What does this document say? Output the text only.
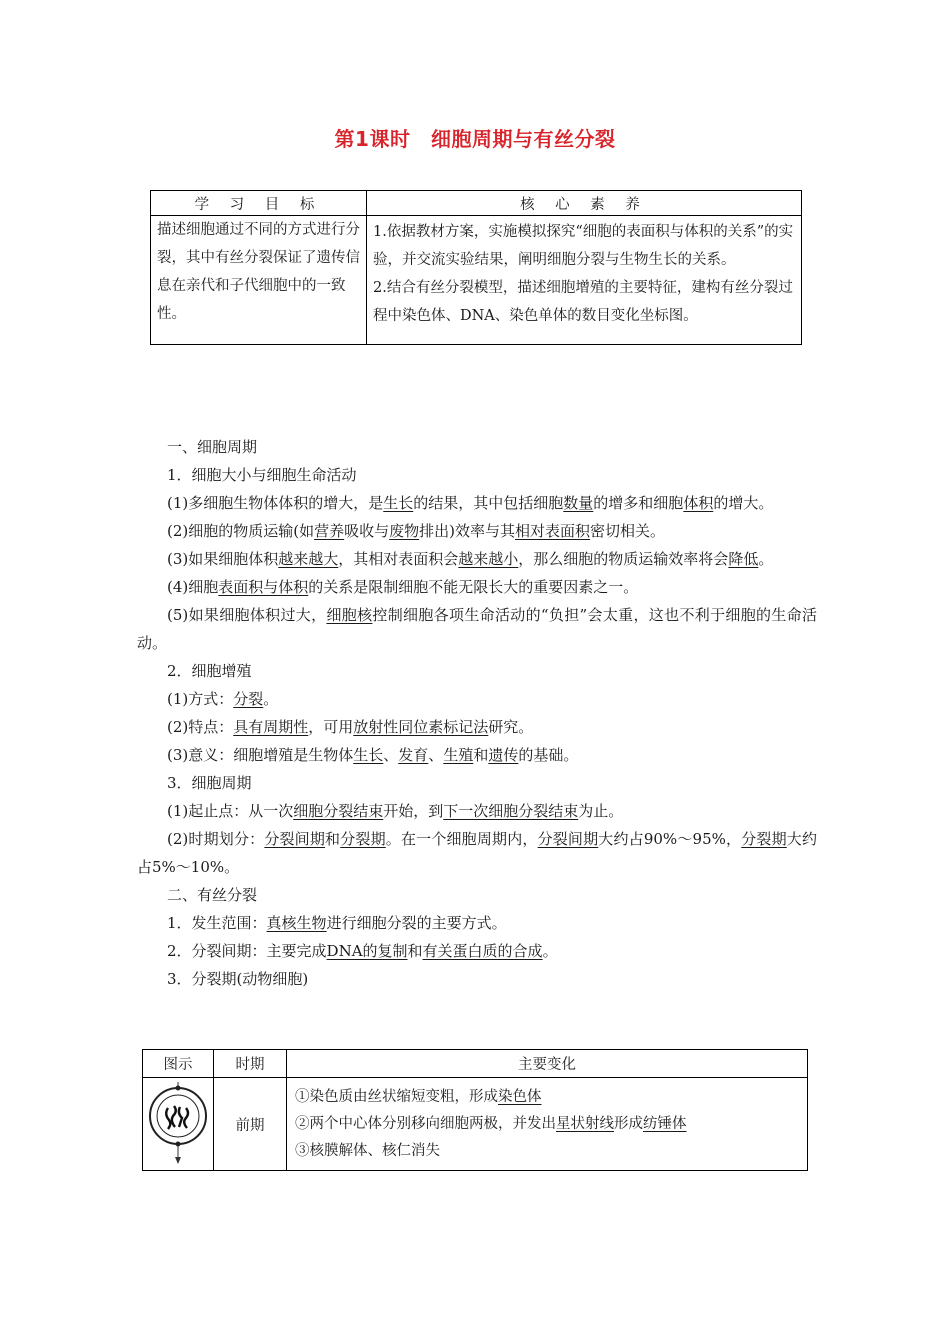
第1课时　细胞周期与有丝分裂
学 习 目 标	核 心 素 养
描述细胞通过不同的方式进行分裂，其中有丝分裂保证了遗传信息在亲代和子代细胞中的一致性。	1.依据教材方案，实施模拟探究“细胞的表面积与体积的关系”的实验，并交流实验结果，阐明细胞分裂与生物生长的关系。
2.结合有丝分裂模型，描述细胞增殖的主要特征，建构有丝分裂过程中染色体、DNA、染色单体的数目变化坐标图。

一、细胞周期

1．细胞大小与细胞生命活动

(1)多细胞生物体体积的增大，是生长的结果，其中包括细胞数量的增多和细胞体积的增大。

(2)细胞的物质运输(如营养吸收与废物排出)效率与其相对表面积密切相关。

(3)如果细胞体积越来越大，其相对表面积会越来越小，那么细胞的物质运输效率将会降低。

(4)细胞表面积与体积的关系是限制细胞不能无限长大的重要因素之一。

(5)如果细胞体积过大，细胞核控制细胞各项生命活动的“负担”会太重，这也不利于细胞的生命活动。

2．细胞增殖

(1)方式：分裂。

(2)特点：具有周期性，可用放射性同位素标记法研究。

(3)意义：细胞增殖是生物体生长、发育、生殖和遗传的基础。

3．细胞周期

(1)起止点：从一次细胞分裂结束开始，到下一次细胞分裂结束为止。

(2)时期划分：分裂间期和分裂期。在一个细胞周期内，分裂间期大约占90%～95%，分裂期大约占5%～10%。

二、有丝分裂

1．发生范围：真核生物进行细胞分裂的主要方式。

2．分裂间期：主要完成DNA的复制和有关蛋白质的合成。

3．分裂期(动物细胞)

图示	时期	主要变化
	前期	①染色质由丝状缩短变粗，形成染色体
②两个中心体分别移向细胞两极，并发出星状射线形成纺锤体
③核膜解体、核仁消失
